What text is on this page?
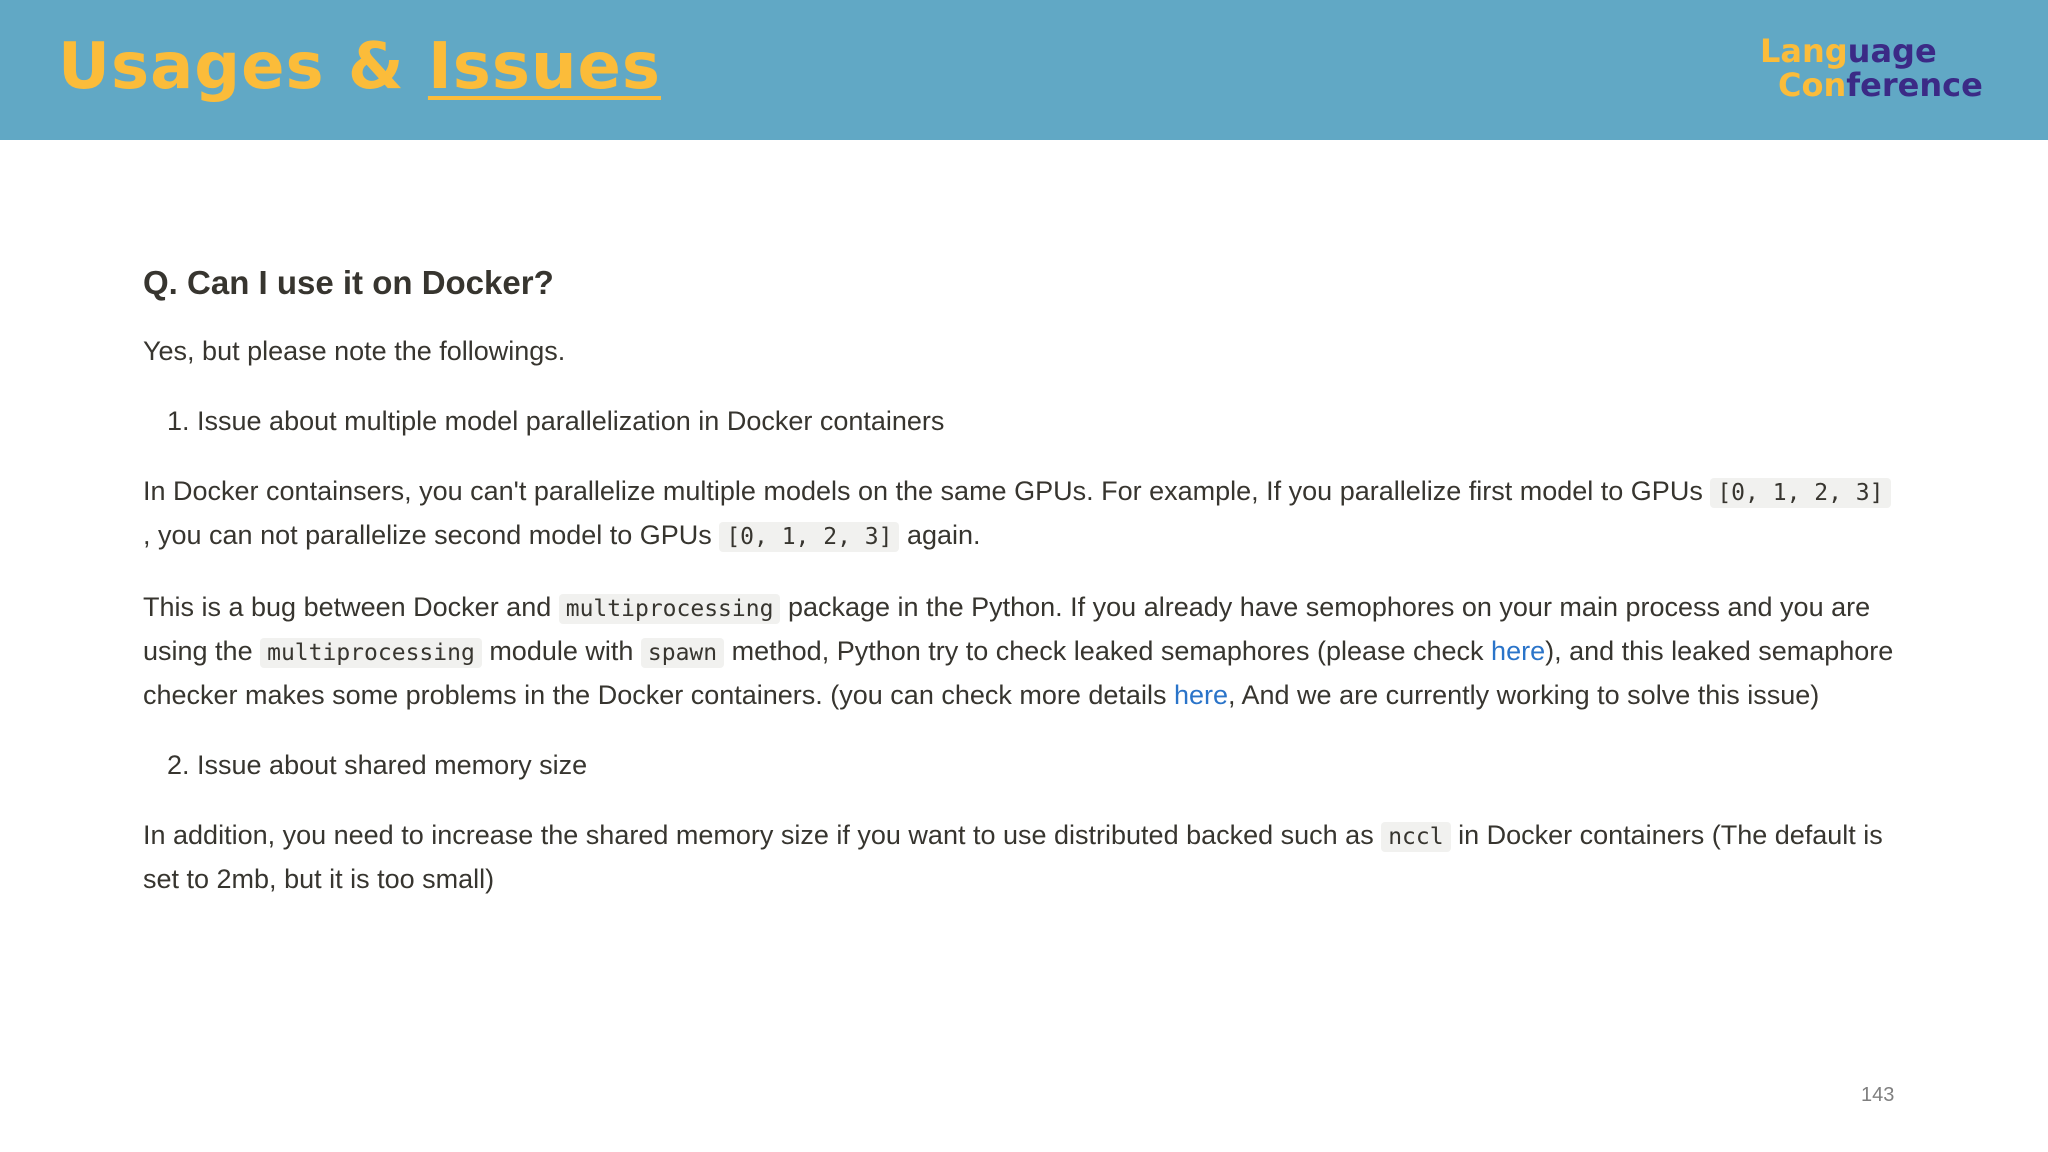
Usages & Issues	Language
Conference
Q. Can I use it on Docker?
Yes, but please note the followings.
1. Issue about multiple model parallelization in Docker containers
In Docker containsers, you can't parallelize multiple models on the same GPUs. For example, If you parallelize first model to GPUs [0, 1, 2, 3] , you can not parallelize second model to GPUs [0, 1, 2, 3] again.
This is a bug between Docker and multiprocessing package in the Python. If you already have semophores on your main process and you are using the multiprocessing module with spawn method, Python try to check leaked semaphores (please check here), and this leaked semaphore checker makes some problems in the Docker containers. (you can check more details here, And we are currently working to solve this issue)
2. Issue about shared memory size
In addition, you need to increase the shared memory size if you want to use distributed backed such as nccl in Docker containers (The default is set to 2mb, but it is too small)
143
